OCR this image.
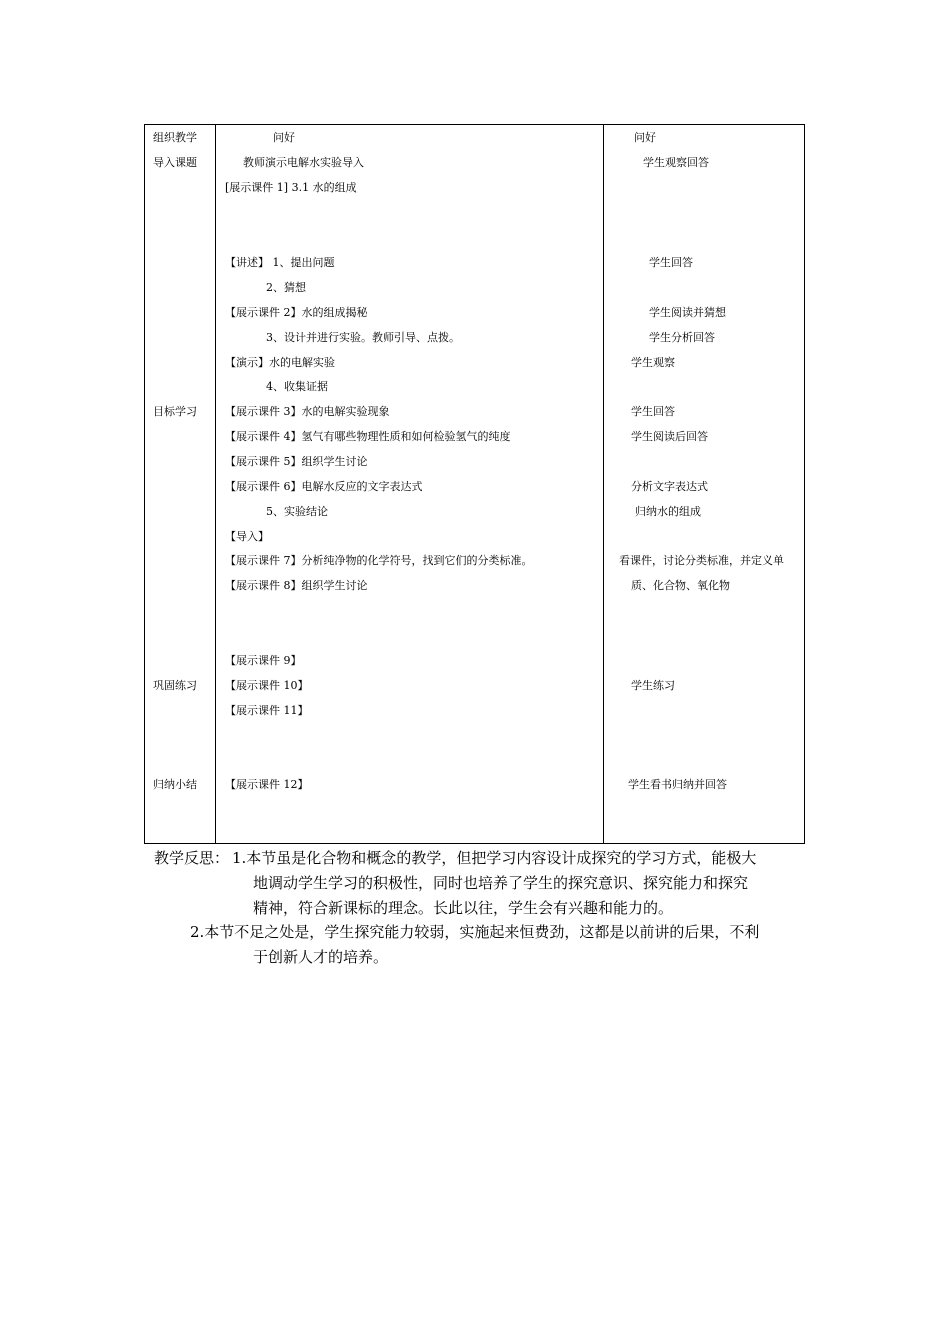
组织教学
导入课题
目标学习
巩固练习
归纳小结
问好
教师演示电解水实验导入
[展示课件 1] 3.1 水的组成
【讲述】 1、提出问题
2、猜想
【展示课件 2】水的组成揭秘
3、设计并进行实验。教师引导、点拨。
【演示】水的电解实验
4、收集证据
【展示课件 3】水的电解实验现象
【展示课件 4】氢气有哪些物理性质和如何检验氢气的纯度
【展示课件 5】组织学生讨论
【展示课件 6】电解水反应的文字表达式
5、实验结论
【导入】
【展示课件 7】分析纯净物的化学符号，找到它们的分类标准。
【展示课件 8】组织学生讨论
【展示课件 9】
【展示课件 10】
【展示课件 11】
【展示课件 12】
问好
学生观察回答
学生回答
学生阅读并猜想
学生分析回答
学生观察
学生回答
学生阅读后回答
分析文字表达式
归纳水的组成
看课件，讨论分类标准，并定义单
质、化合物、氧化物
学生练习
学生看书归纳并回答
教学反思： 1.本节虽是化合物和概念的教学，但把学习内容设计成探究的学习方式，能极大
地调动学生学习的积极性，同时也培养了学生的探究意识、探究能力和探究
精神，符合新课标的理念。长此以往，学生会有兴趣和能力的。
2.本节不足之处是，学生探究能力较弱，实施起来恒费劲，这都是以前讲的后果，不利
于创新人才的培养。
